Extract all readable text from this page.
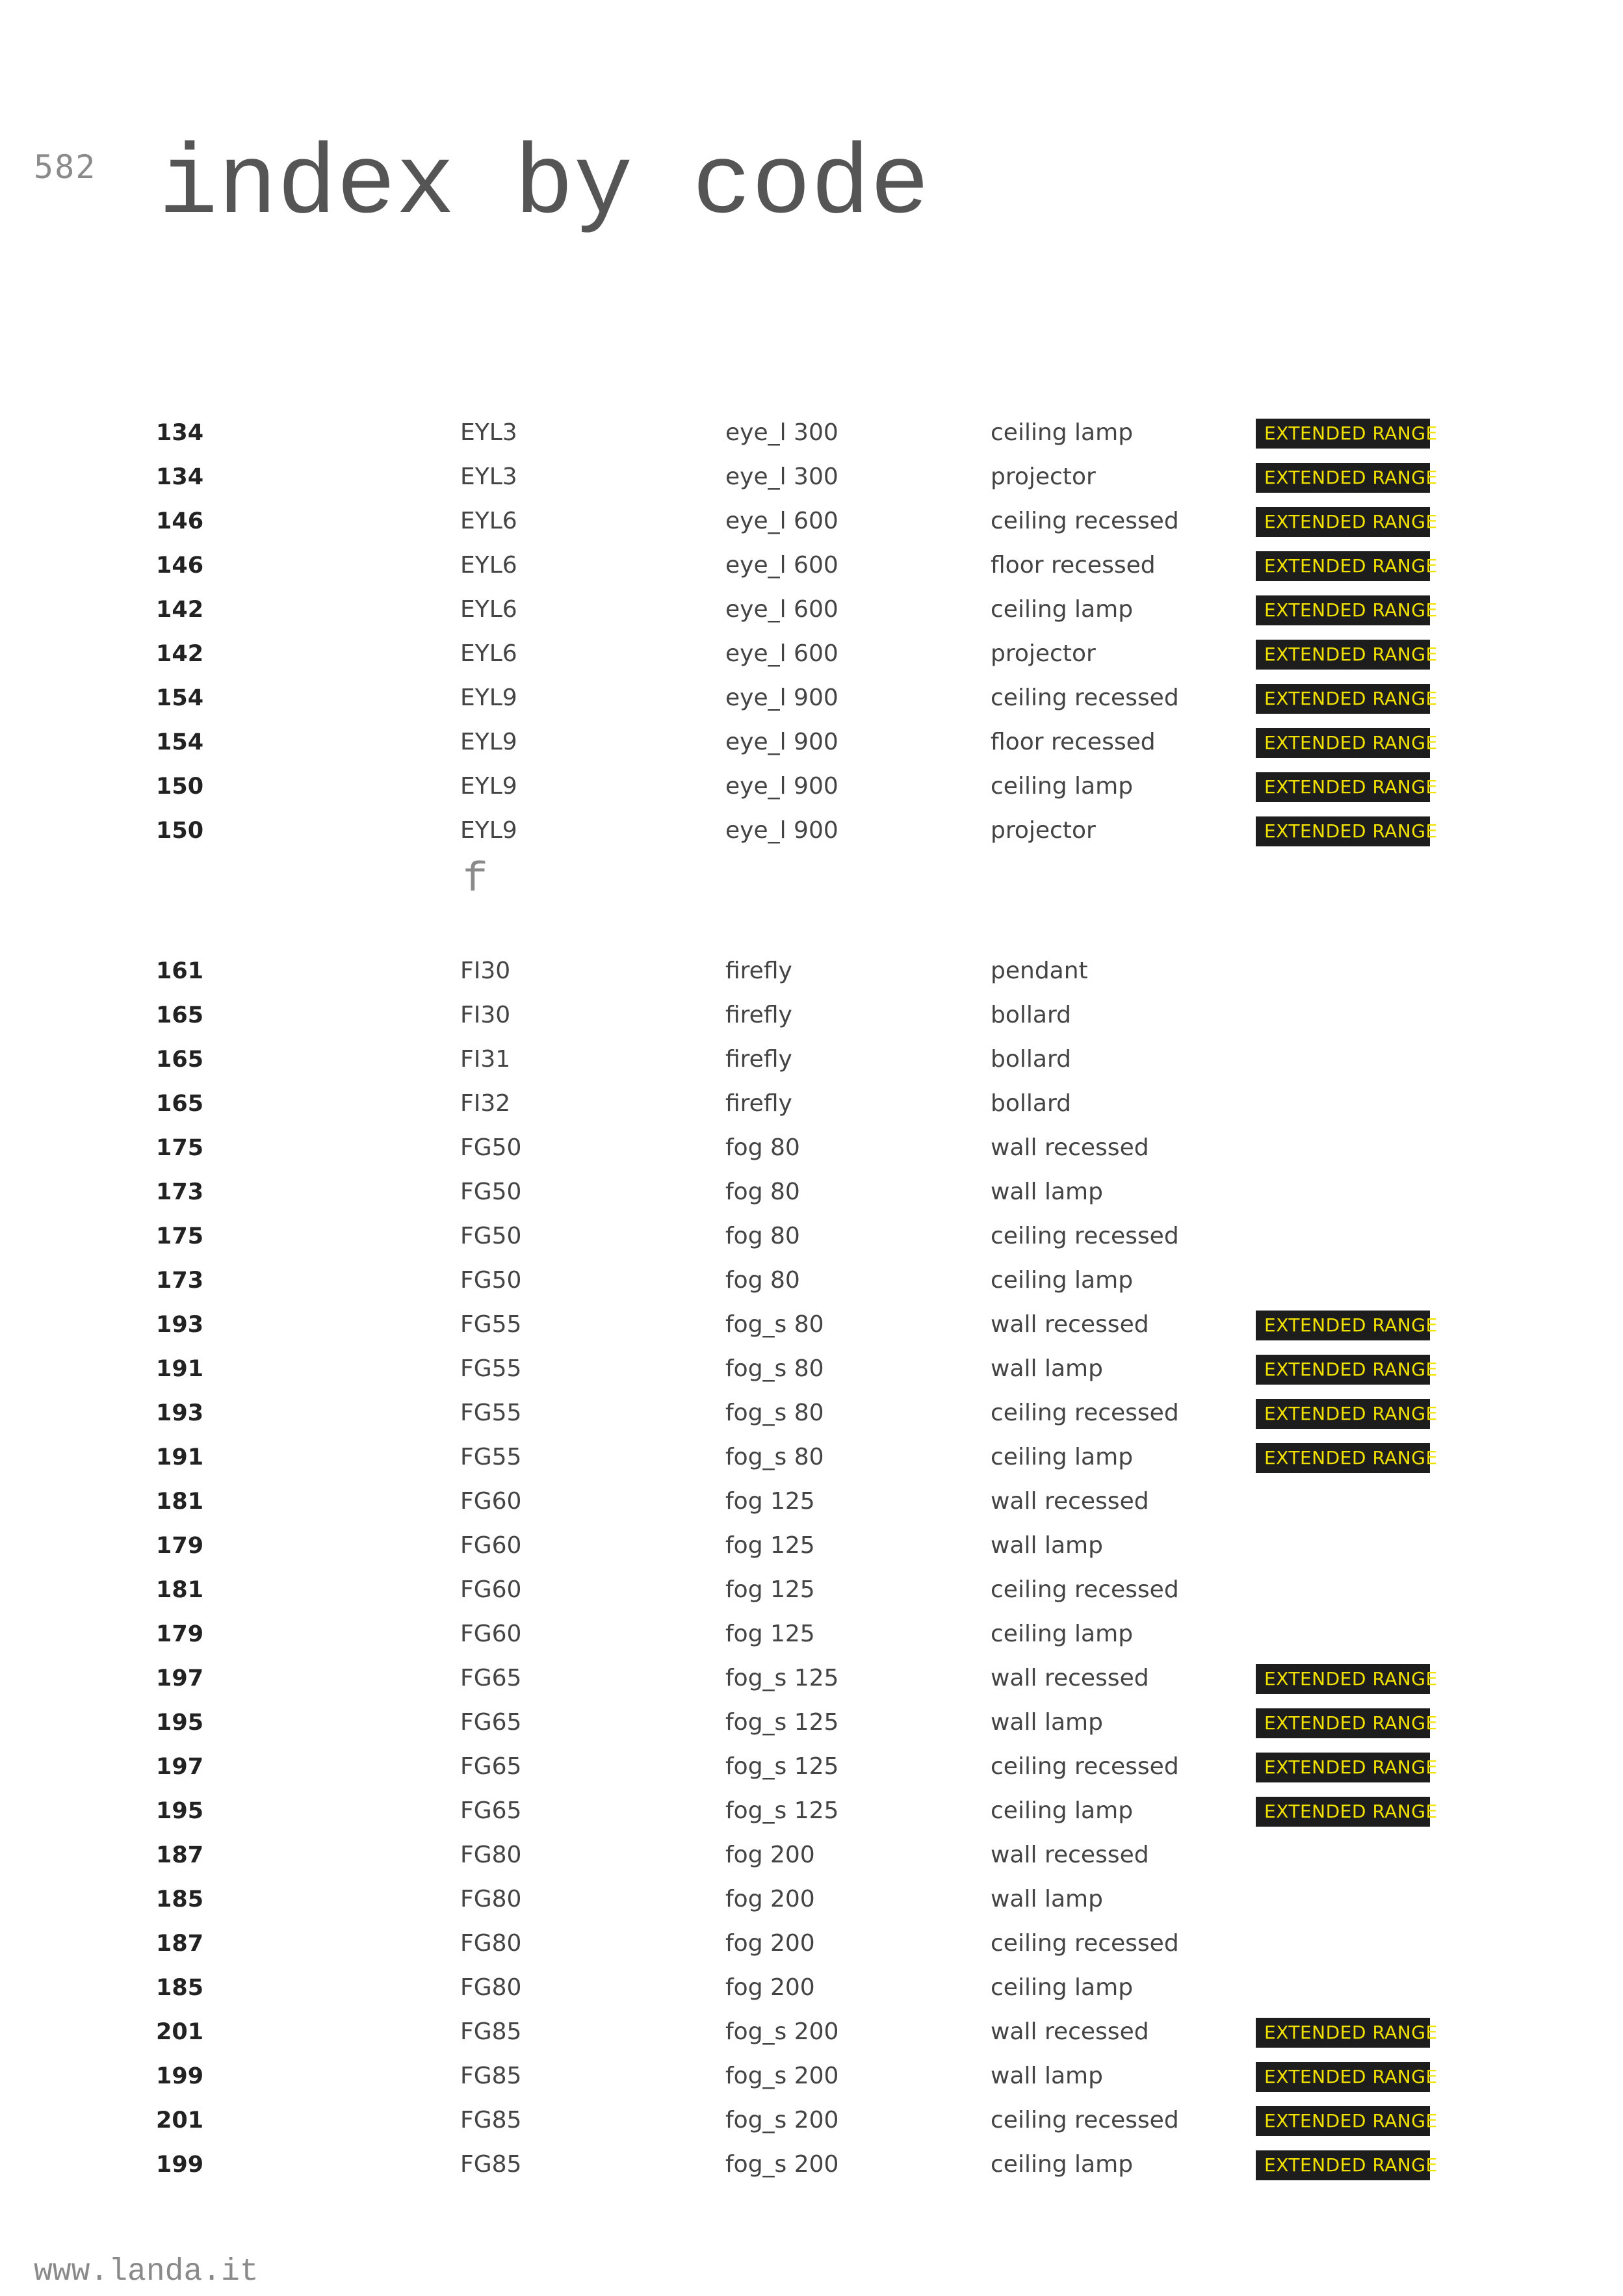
582 index by code
134	EYL3	eye_l 300	ceiling lamp	EXTENDED RANGE
134	EYL3	eye_l 300	projector	EXTENDED RANGE
146	EYL6	eye_l 600	ceiling recessed	EXTENDED RANGE
146	EYL6	eye_l 600	floor recessed	EXTENDED RANGE
142	EYL6	eye_l 600	ceiling lamp	EXTENDED RANGE
142	EYL6	eye_l 600	projector	EXTENDED RANGE
154	EYL9	eye_l 900	ceiling recessed	EXTENDED RANGE
154	EYL9	eye_l 900	floor recessed	EXTENDED RANGE
150	EYL9	eye_l 900	ceiling lamp	EXTENDED RANGE
150	EYL9	eye_l 900	projector	EXTENDED RANGE
f
161	FI30	firefly	pendant
165	FI30	firefly	bollard
165	FI31	firefly	bollard
165	FI32	firefly	bollard
175	FG50	fog 80	wall recessed
173	FG50	fog 80	wall lamp
175	FG50	fog 80	ceiling recessed
173	FG50	fog 80	ceiling lamp
193	FG55	fog_s 80	wall recessed	EXTENDED RANGE
191	FG55	fog_s 80	wall lamp	EXTENDED RANGE
193	FG55	fog_s 80	ceiling recessed	EXTENDED RANGE
191	FG55	fog_s 80	ceiling lamp	EXTENDED RANGE
181	FG60	fog 125	wall recessed
179	FG60	fog 125	wall lamp
181	FG60	fog 125	ceiling recessed
179	FG60	fog 125	ceiling lamp
197	FG65	fog_s 125	wall recessed	EXTENDED RANGE
195	FG65	fog_s 125	wall lamp	EXTENDED RANGE
197	FG65	fog_s 125	ceiling recessed	EXTENDED RANGE
195	FG65	fog_s 125	ceiling lamp	EXTENDED RANGE
187	FG80	fog 200	wall recessed
185	FG80	fog 200	wall lamp
187	FG80	fog 200	ceiling recessed
185	FG80	fog 200	ceiling lamp
201	FG85	fog_s 200	wall recessed	EXTENDED RANGE
199	FG85	fog_s 200	wall lamp	EXTENDED RANGE
201	FG85	fog_s 200	ceiling recessed	EXTENDED RANGE
199	FG85	fog_s 200	ceiling lamp	EXTENDED RANGE
www.landa.it
